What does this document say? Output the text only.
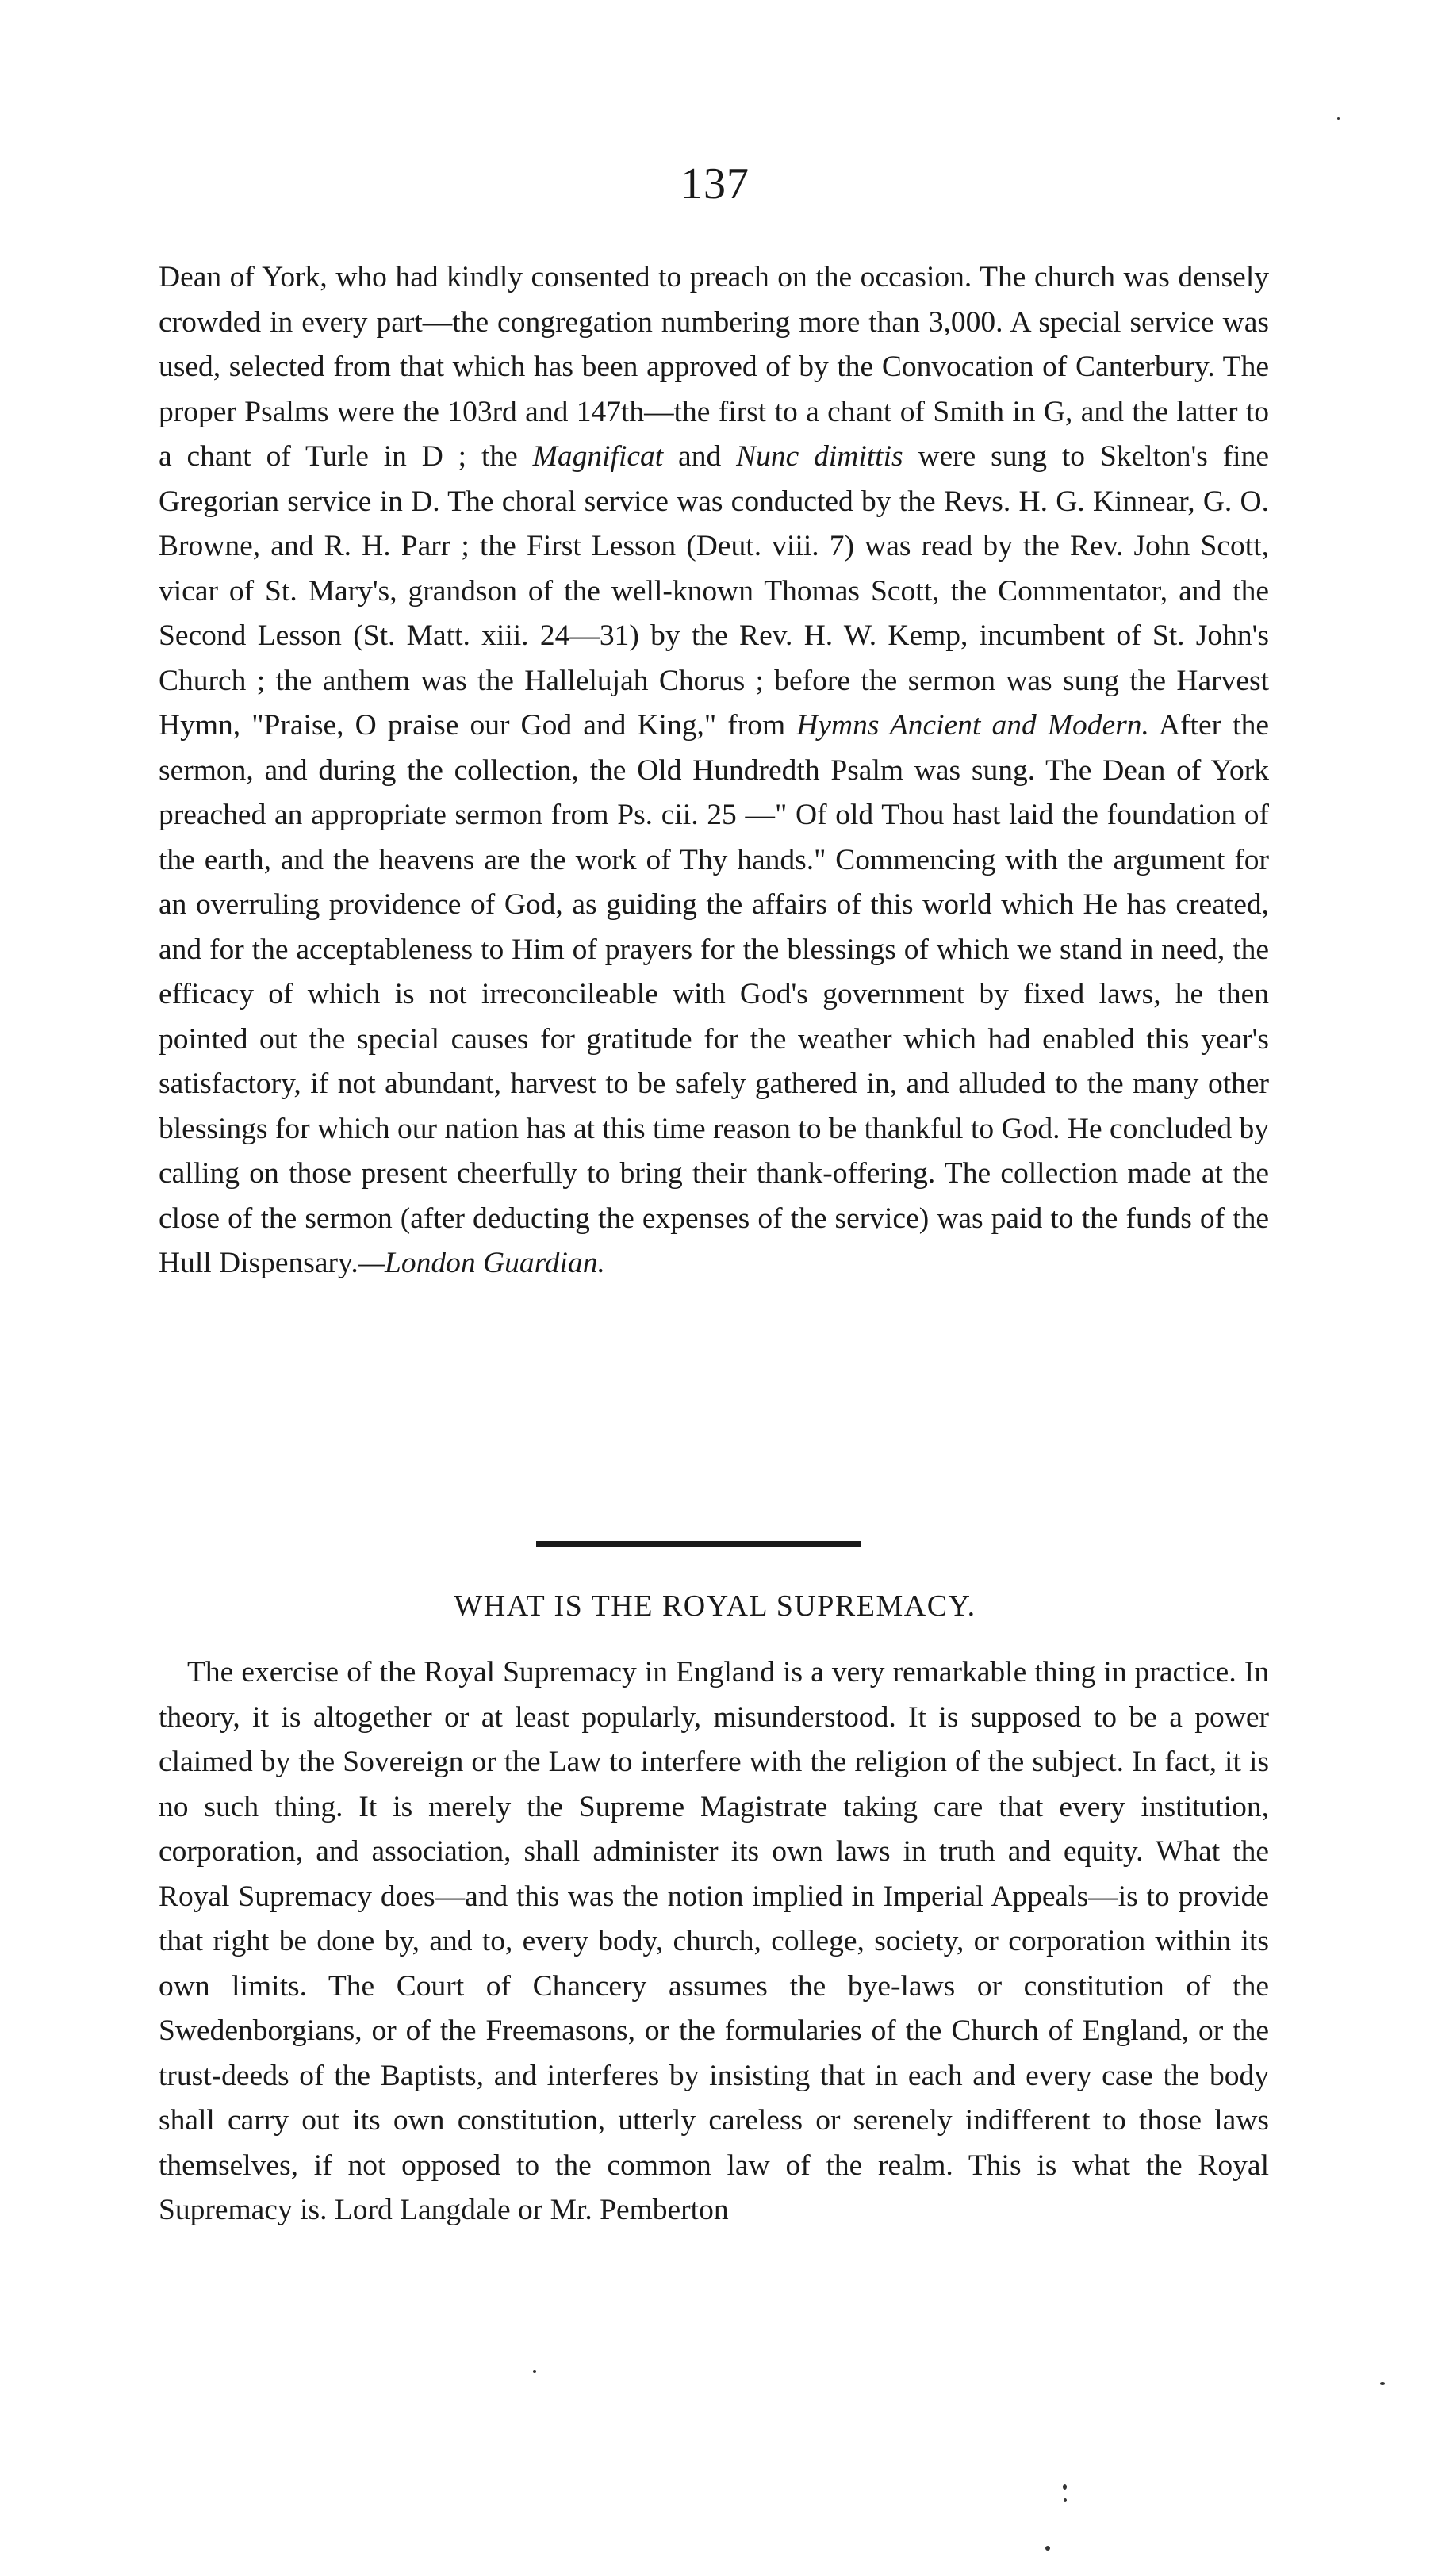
137

Dean of York, who had kindly consented to preach on the occasion. The church was densely crowded in every part—the congregation numbering more than 3,000. A special service was used, selected from that which has been approved of by the Convocation of Canterbury. The proper Psalms were the 103rd and 147th—the first to a chant of Smith in G, and the latter to a chant of Turle in D ; the Magnificat and Nunc dimittis were sung to Skelton's fine Gregorian service in D. The choral service was conducted by the Revs. H. G. Kinnear, G. O. Browne, and R. H. Parr ; the First Lesson (Deut. viii. 7) was read by the Rev. John Scott, vicar of St. Mary's, grandson of the well-known Thomas Scott, the Commentator, and the Second Lesson (St. Matt. xiii. 24—31) by the Rev. H. W. Kemp, incumbent of St. John's Church ; the anthem was the Hallelujah Chorus ; before the sermon was sung the Harvest Hymn, "Praise, O praise our God and King," from Hymns Ancient and Modern. After the sermon, and during the collection, the Old Hundredth Psalm was sung. The Dean of York preached an appropriate sermon from Ps. cii. 25 —" Of old Thou hast laid the foundation of the earth, and the heavens are the work of Thy hands." Commencing with the argument for an overruling providence of God, as guiding the affairs of this world which He has created, and for the acceptableness to Him of prayers for the blessings of which we stand in need, the efficacy of which is not irreconcileable with God's government by fixed laws, he then pointed out the special causes for gratitude for the weather which had enabled this year's satisfactory, if not abundant, harvest to be safely gathered in, and alluded to the many other blessings for which our nation has at this time reason to be thankful to God. He concluded by calling on those present cheerfully to bring their thank-offering. The collection made at the close of the sermon (after deducting the expenses of the service) was paid to the funds of the Hull Dispensary.—London Guardian.

WHAT IS THE ROYAL SUPREMACY.

The exercise of the Royal Supremacy in England is a very remarkable thing in practice. In theory, it is altogether or at least popularly, misunderstood. It is supposed to be a power claimed by the Sovereign or the Law to interfere with the religion of the subject. In fact, it is no such thing. It is merely the Supreme Magistrate taking care that every institution, corporation, and association, shall administer its own laws in truth and equity. What the Royal Supremacy does—and this was the notion implied in Imperial Appeals—is to provide that right be done by, and to, every body, church, college, society, or corporation within its own limits. The Court of Chancery assumes the bye-laws or constitution of the Swedenborgians, or of the Freemasons, or the formularies of the Church of England, or the trust-deeds of the Baptists, and interferes by insisting that in each and every case the body shall carry out its own constitution, utterly careless or serenely indifferent to those laws themselves, if not opposed to the common law of the realm. This is what the Royal Supremacy is. Lord Langdale or Mr. Pemberton
